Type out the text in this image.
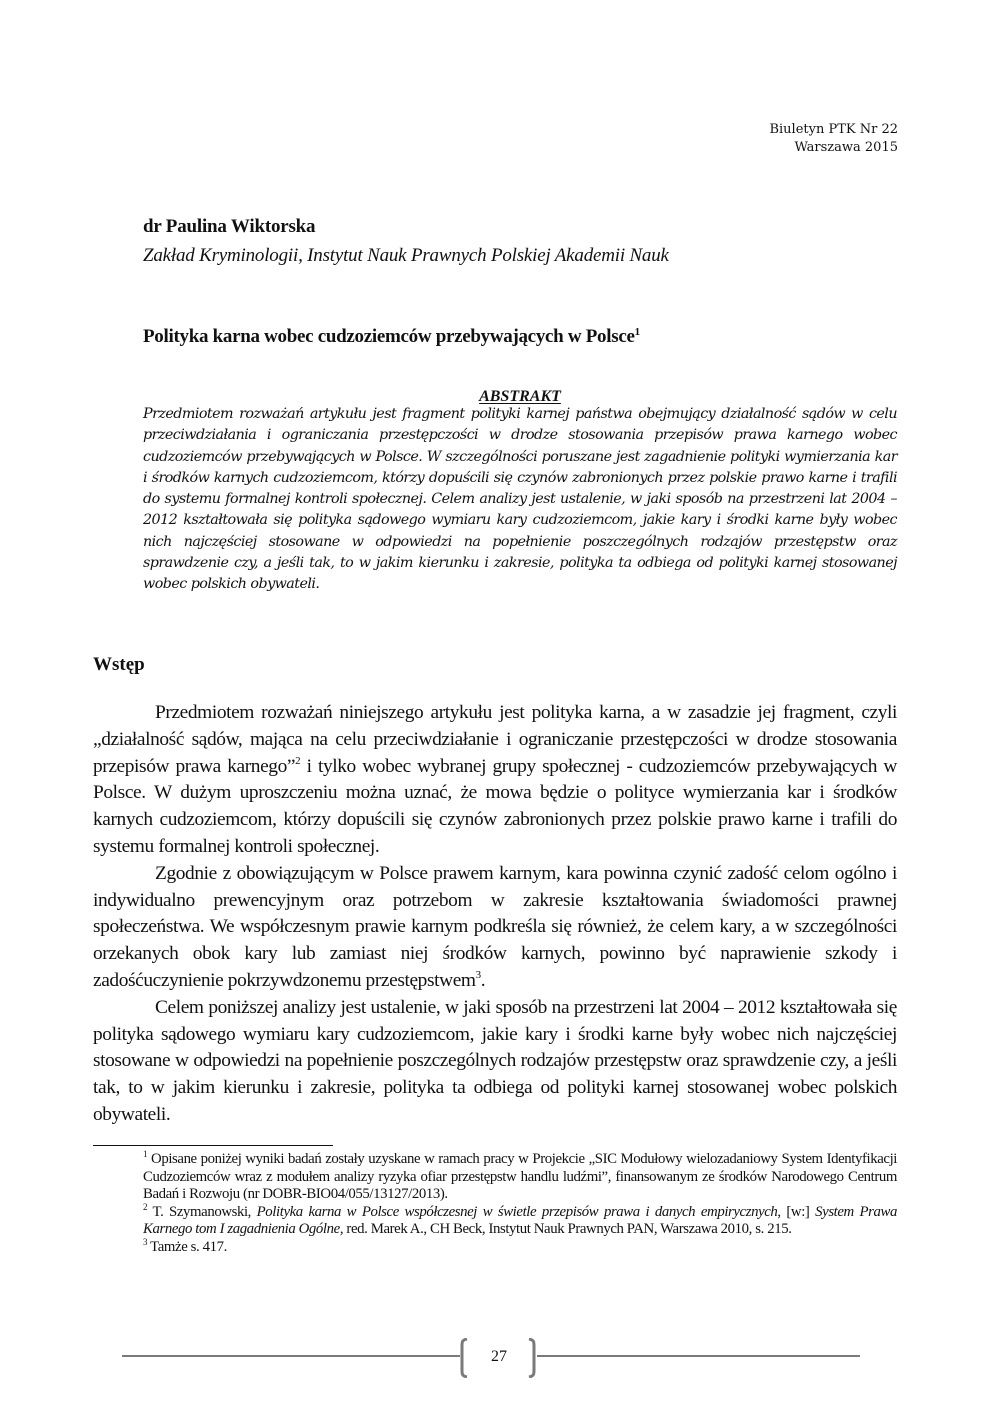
Biuletyn PTK Nr 22
Warszawa 2015
dr Paulina Wiktorska
Zakład Kryminologii, Instytut Nauk Prawnych Polskiej Akademii Nauk
Polityka karna wobec cudzoziemców przebywających w Polsce$^1$
ABSTRAKT
Przedmiotem rozważań artykułu jest fragment polityki karnej państwa obejmujący działalność sądów w celu przeciwdziałania i ograniczania przestępczości w drodze stosowania przepisów prawa karnego wobec cudzoziemców przebywających w Polsce. W szczególności poruszane jest zagadnienie polityki wymierzania kar i środków karnych cudzoziemcom, którzy dopuścili się czynów zabronionych przez polskie prawo karne i trafili do systemu formalnej kontroli społecznej. Celem analizy jest ustalenie, w jaki sposób na przestrzeni lat 2004 – 2012 kształtowała się polityka sądowego wymiaru kary cudzoziemcom, jakie kary i środki karne były wobec nich najczęściej stosowane w odpowiedzi na popełnienie poszczególnych rodzajów przestępstw oraz sprawdzenie czy, a jeśli tak, to w jakim kierunku i zakresie, polityka ta odbiega od polityki karnej stosowanej wobec polskich obywateli.
Wstęp

Przedmiotem rozważań niniejszego artykułu jest polityka karna, a w zasadzie jej fragment, czyli „działalność sądów, mająca na celu przeciwdziałanie i ograniczanie przestępczości w drodze stosowania przepisów prawa karnego”$^2$ i tylko wobec wybranej grupy społecznej - cudzoziemców przebywających w Polsce. W dużym uproszczeniu można uznać, że mowa będzie o polityce wymierzania kar i środków karnych cudzoziemcom, którzy dopuścili się czynów zabronionych przez polskie prawo karne i trafili do systemu formalnej kontroli społecznej.

Zgodnie z obowiązującym w Polsce prawem karnym, kara powinna czynić zadość celom ogólno i indywidualno prewencyjnym oraz potrzebom w zakresie kształtowania świadomości prawnej społeczeństwa. We współczesnym prawie karnym podkreśla się również, że celem kary, a w szczególności orzekanych obok kary lub zamiast niej środków karnych, powinno być naprawienie szkody i zadośćuczynienie pokrzywdzonemu przestępstwem$^3$.

Celem poniższej analizy jest ustalenie, w jaki sposób na przestrzeni lat 2004 – 2012 kształtowała się polityka sądowego wymiaru kary cudzoziemcom, jakie kary i środki karne były wobec nich najczęściej stosowane w odpowiedzi na popełnienie poszczególnych rodzajów przestępstw oraz sprawdzenie czy, a jeśli tak, to w jakim kierunku i zakresie, polityka ta odbiega od polityki karnej stosowanej wobec polskich obywateli.

$^1$ Opisane poniżej wyniki badań zostały uzyskane w ramach pracy w Projekcie „SIC Modułowy wielozadaniowy System Identyfikacji Cudzoziemców wraz z modułem analizy ryzyka ofiar przestępstw handlu ludźmi”, finansowanym ze środków Narodowego Centrum Badań i Rozwoju (nr DOBR-BIO04/055/13127/2013).

$^2$ T. Szymanowski, Polityka karna w Polsce współczesnej w świetle przepisów prawa i danych empirycznych, [w:] System Prawa Karnego tom I zagadnienia Ogólne, red. Marek A., CH Beck, Instytut Nauk Prawnych PAN, Warszawa 2010, s. 215.

$^3$ Tamże s. 417.

27
